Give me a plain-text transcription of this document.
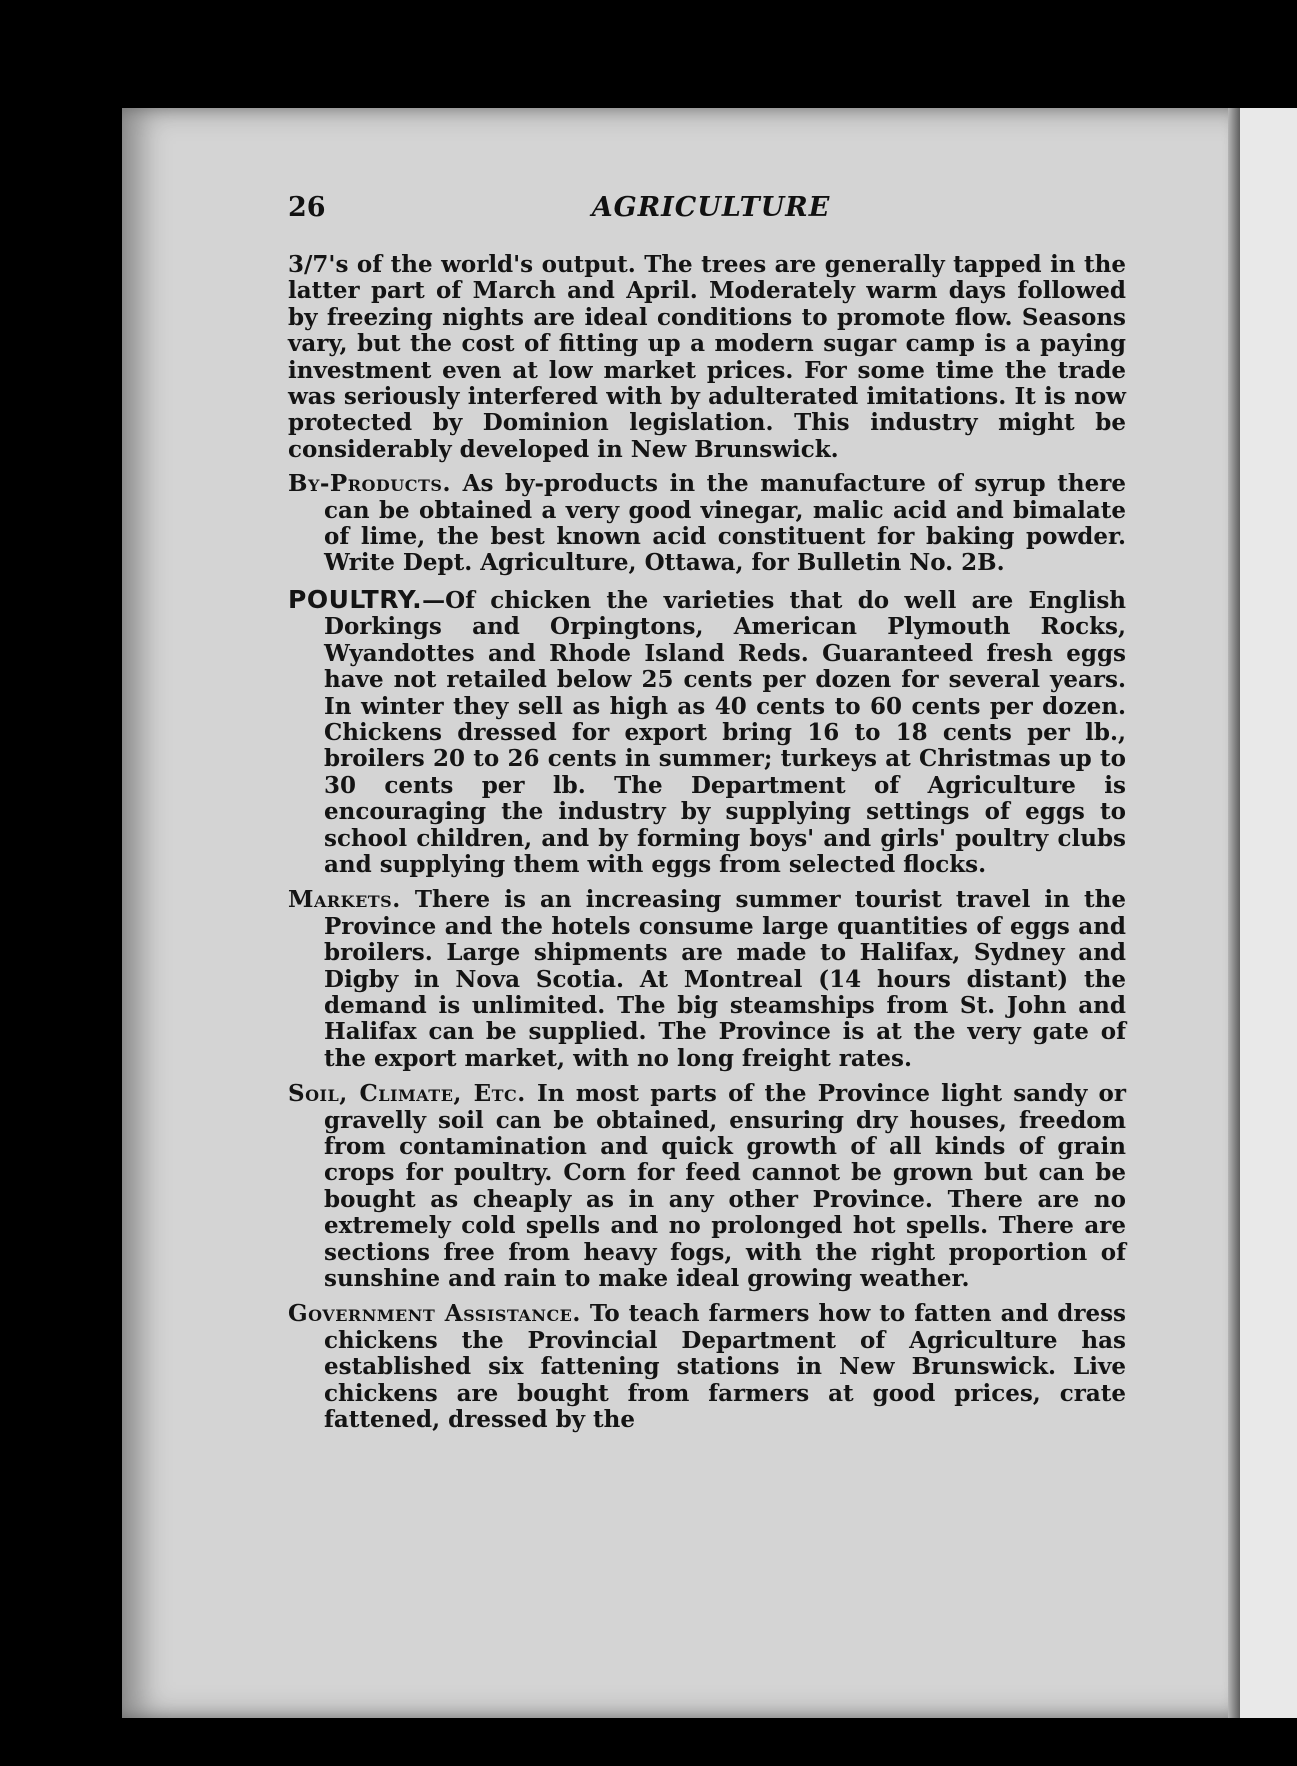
26	AGRICULTURE

3/7's of the world's output. The trees are generally tapped in the latter part of March and April. Moderately warm days followed by freezing nights are ideal conditions to promote flow. Seasons vary, but the cost of fitting up a modern sugar camp is a paying investment even at low market prices. For some time the trade was seriously interfered with by adulterated imitations. It is now protected by Dominion legislation. This industry might be considerably developed in New Brunswick.

By-Products. As by-products in the manufacture of syrup there can be obtained a very good vinegar, malic acid and bimalate of lime, the best known acid constituent for baking powder. Write Dept. Agriculture, Ottawa, for Bulletin No. 2B.

POULTRY.—Of chicken the varieties that do well are English Dorkings and Orpingtons, American Plymouth Rocks, Wyandottes and Rhode Island Reds. Guaranteed fresh eggs have not retailed below 25 cents per dozen for several years. In winter they sell as high as 40 cents to 60 cents per dozen. Chickens dressed for export bring 16 to 18 cents per lb., broilers 20 to 26 cents in summer; turkeys at Christmas up to 30 cents per lb. The Department of Agriculture is encouraging the industry by supplying settings of eggs to school children, and by forming boys' and girls' poultry clubs and supplying them with eggs from selected flocks.

Markets. There is an increasing summer tourist travel in the Province and the hotels consume large quantities of eggs and broilers. Large shipments are made to Halifax, Sydney and Digby in Nova Scotia. At Montreal (14 hours distant) the demand is unlimited. The big steamships from St. John and Halifax can be supplied. The Province is at the very gate of the export market, with no long freight rates.

Soil, Climate, Etc. In most parts of the Province light sandy or gravelly soil can be obtained, ensuring dry houses, freedom from contamination and quick growth of all kinds of grain crops for poultry. Corn for feed cannot be grown but can be bought as cheaply as in any other Province. There are no extremely cold spells and no prolonged hot spells. There are sections free from heavy fogs, with the right proportion of sunshine and rain to make ideal growing weather.

Government Assistance. To teach farmers how to fatten and dress chickens the Provincial Department of Agriculture has established six fattening stations in New Brunswick. Live chickens are bought from farmers at good prices, crate fattened, dressed by the
